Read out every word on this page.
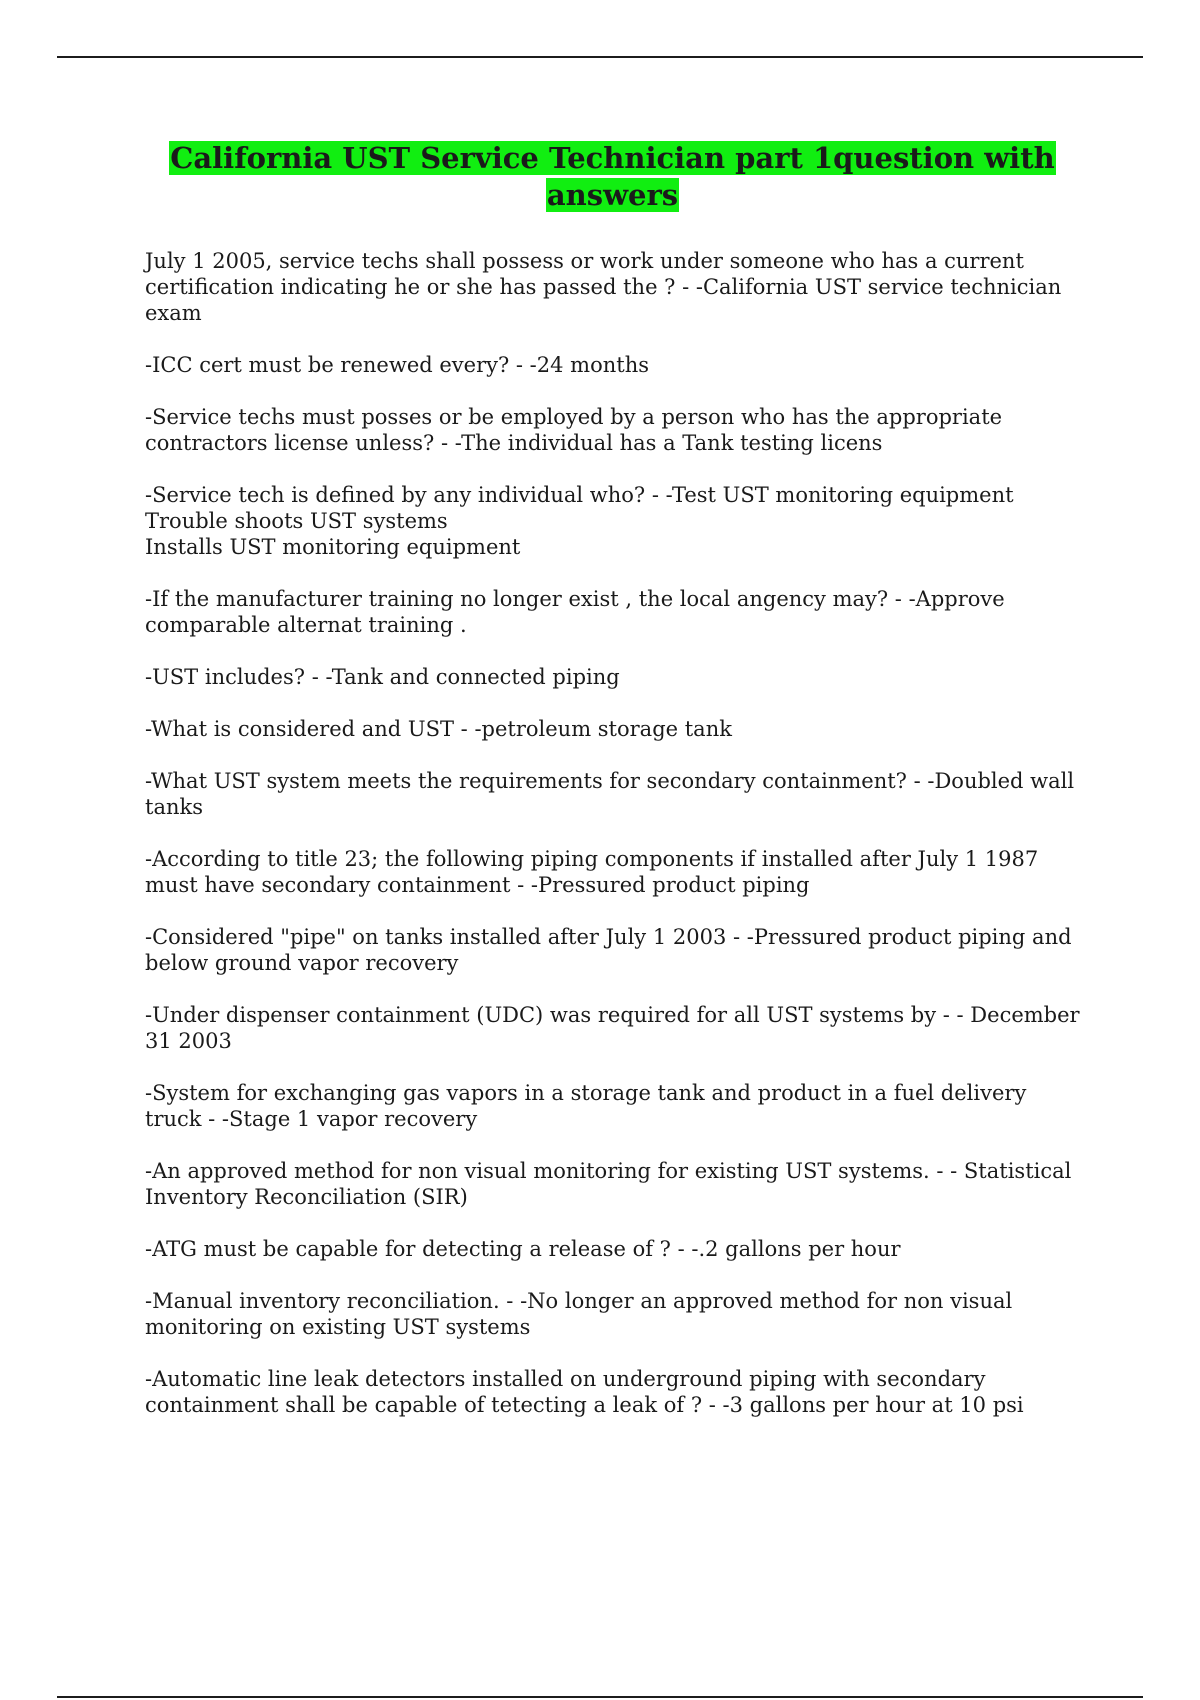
California UST Service Technician part 1question with answers
July 1 2005, service techs shall possess or work under someone who has a current certification indicating he or she has passed the ? - -California UST service technician exam
-ICC cert must be renewed every? - -24 months
-Service techs must posses or be employed by a person who has the appropriate contractors license unless? - -The individual has a Tank testing licens
-Service tech is defined by any individual who? - -Test UST monitoring equipment
Trouble shoots UST systems
Installs UST monitoring equipment
-If the manufacturer training no longer exist , the local angency may? - -Approve comparable alternat training .
-UST includes? - -Tank and connected piping
-What is considered and UST - -petroleum storage tank
-What UST system meets the requirements for secondary containment? - -Doubled wall tanks
-According to title 23; the following piping components if installed after July 1 1987 must have secondary containment - -Pressured product piping
-Considered "pipe" on tanks installed after July 1 2003 - -Pressured product piping and below ground vapor recovery
-Under dispenser containment (UDC) was required for all UST systems by - - December 31 2003
-System for exchanging gas vapors in a storage tank and product in a fuel delivery truck - -Stage 1 vapor recovery
-An approved method for non visual monitoring for existing UST systems. - - Statistical Inventory Reconciliation (SIR)
-ATG must be capable for detecting a release of ? - -.2 gallons per hour
-Manual inventory reconciliation. - -No longer an approved method for non visual monitoring on existing UST systems
-Automatic line leak detectors installed on underground piping with secondary containment shall be capable of tetecting a leak of ? - -3 gallons per hour at 10 psi
